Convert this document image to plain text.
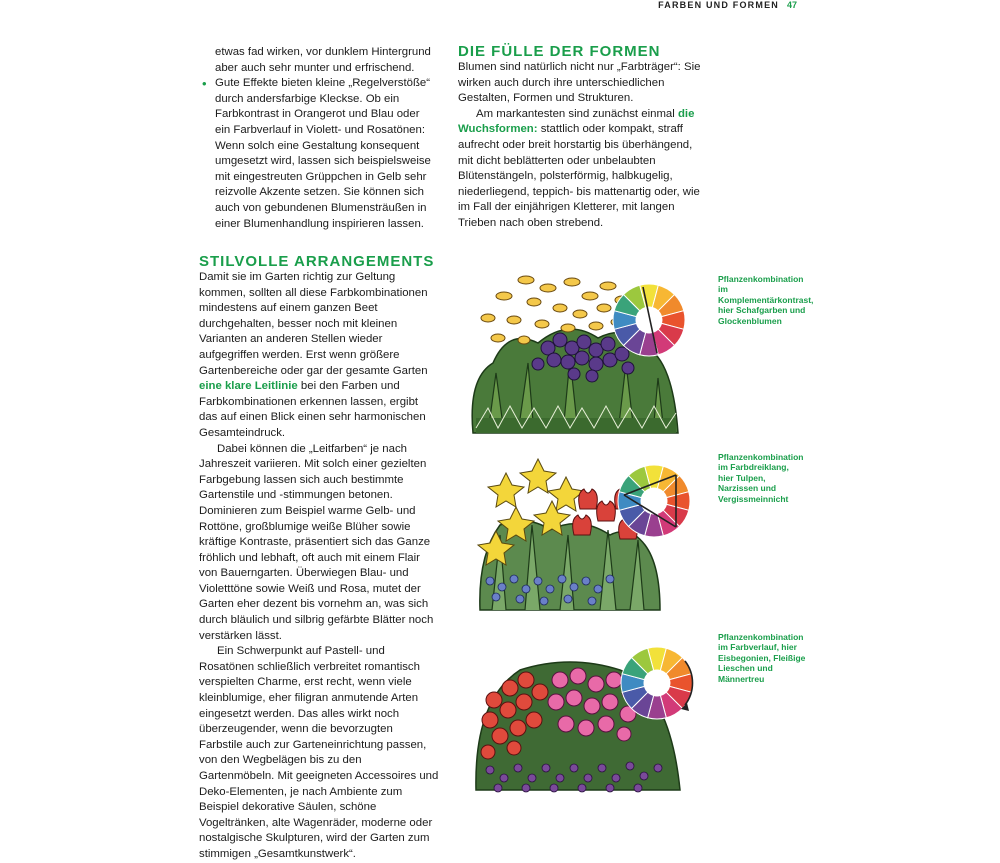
FARBEN UND FORMEN 47

etwas fad wirken, vor dunklem Hintergrund aber auch sehr munter und erfrischend.

• Gute Effekte bieten kleine „Regelverstöße“ durch andersfarbige Kleckse. Ob ein Farbkontrast in Orangerot und Blau oder ein Farbverlauf in Violett- und Rosatönen: Wenn solch eine Gestaltung konsequent umgesetzt wird, lassen sich beispielsweise mit eingestreuten Grüppchen in Gelb sehr reizvolle Akzente setzen. Sie können sich auch von gebundenen Blumensträußen in einer Blumenhandlung inspirieren lassen.
DIE FÜLLE DER FORMEN

Blumen sind natürlich nicht nur „Farbträger“: Sie wirken auch durch ihre unterschiedlichen Gestalten, Formen und Strukturen.

Am markantesten sind zunächst einmal die Wuchsformen: stattlich oder kompakt, straff aufrecht oder breit horstartig bis überhängend, mit dicht beblätterten oder unbelaubten Blütenstängeln, polsterförmig, halbkugelig, niederliegend, teppich- bis mattenartig oder, wie im Fall der einjährigen Kletterer, mit langen Trieben nach oben strebend.

STILVOLLE ARRANGEMENTS

Damit sie im Garten richtig zur Geltung kommen, sollten all diese Farbkombinationen mindestens auf einem ganzen Beet durchgehalten, besser noch mit kleinen Varianten an anderen Stellen wieder aufgegriffen werden. Erst wenn größere Gartenbereiche oder gar der gesamte Garten eine klare Leitlinie bei den Farben und Farbkombinationen erkennen lassen, ergibt das auf einen Blick einen sehr harmonischen Gesamteindruck.

Dabei können die „Leitfarben“ je nach Jahreszeit variieren. Mit solch einer gezielten Farbgebung lassen sich auch bestimmte Gartenstile und -stimmungen betonen. Dominieren zum Beispiel warme Gelb- und Rottöne, großblumige weiße Blüher sowie kräftige Kontraste, präsentiert sich das Ganze fröhlich und lebhaft, oft auch mit einem Flair von Bauerngarten. Überwiegen Blau- und Violetttöne sowie Weiß und Rosa, mutet der Garten eher dezent bis vornehm an, was sich durch bläulich und silbrig gefärbte Blätter noch verstärken lässt.

Ein Schwerpunkt auf Pastell- und Rosatönen schließlich verbreitet romantisch verspielten Charme, erst recht, wenn viele kleinblumige, eher filigran anmutende Arten eingesetzt werden. Das alles wirkt noch überzeugender, wenn die bevorzugten Farbstile auch zur Garteneinrichtung passen, von den Wegbelägen bis zu den Gartenmöbeln. Mit geeigneten Accessoires und Deko-Elementen, je nach Ambiente zum Beispiel dekorative Säulen, schöne Vogeltränken, alte Wagenräder, moderne oder nostalgische Skulpturen, wird der Garten zum stimmigen „Gesamtkunstwerk“.

Pflanzenkombination im Komplementärkontrast, hier Schafgarben und Glockenblumen
Pflanzenkombination im Farbdreiklang, hier Tulpen, Narzissen und Vergissmeinnicht
Pflanzenkombination im Farbverlauf, hier Eisbegonien, Fleißige Lieschen und Männertreu
